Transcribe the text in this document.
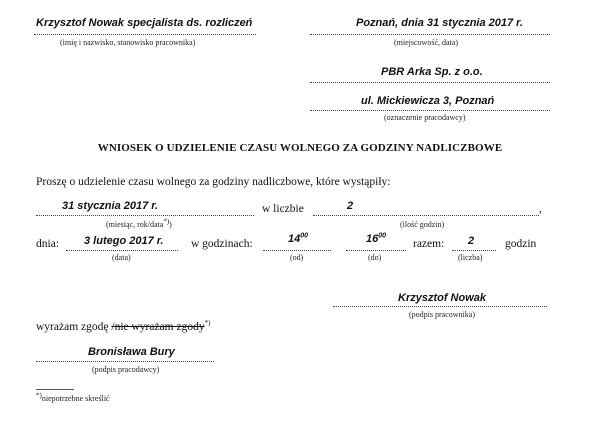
Krzysztof Nowak specjalista ds. rozliczeń
(imię i nazwisko, stanowisko pracownika)
Poznań, dnia 31 stycznia 2017 r.
(miejscowość, data)
PBR Arka Sp. z o.o.
ul. Mickiewicza 3, Poznań
(oznaczenie pracodawcy)
WNIOSEK O UDZIELENIE CZASU WOLNEGO ZA GODZINY NADLICZBOWE
Proszę o udzielenie czasu wolnego za godziny nadliczbowe, które wystąpiły:
31 stycznia 2017 r.	w liczbie	2	,
(miesiąc, rok/data*))	(ilość godzin)
dnia: 3 lutego 2017 r. w godzinach:	$14^{00}$	$16^{00}$
razem: 2	godzin
(data)	(od)	(do)	(liczba)
Krzysztof Nowak
(podpis pracownika)
wyrażam zgodę /nie wyrażam zgody*)
Bronisława Bury
(podpis pracodawcy)
*)niepotrzebne skreślić
